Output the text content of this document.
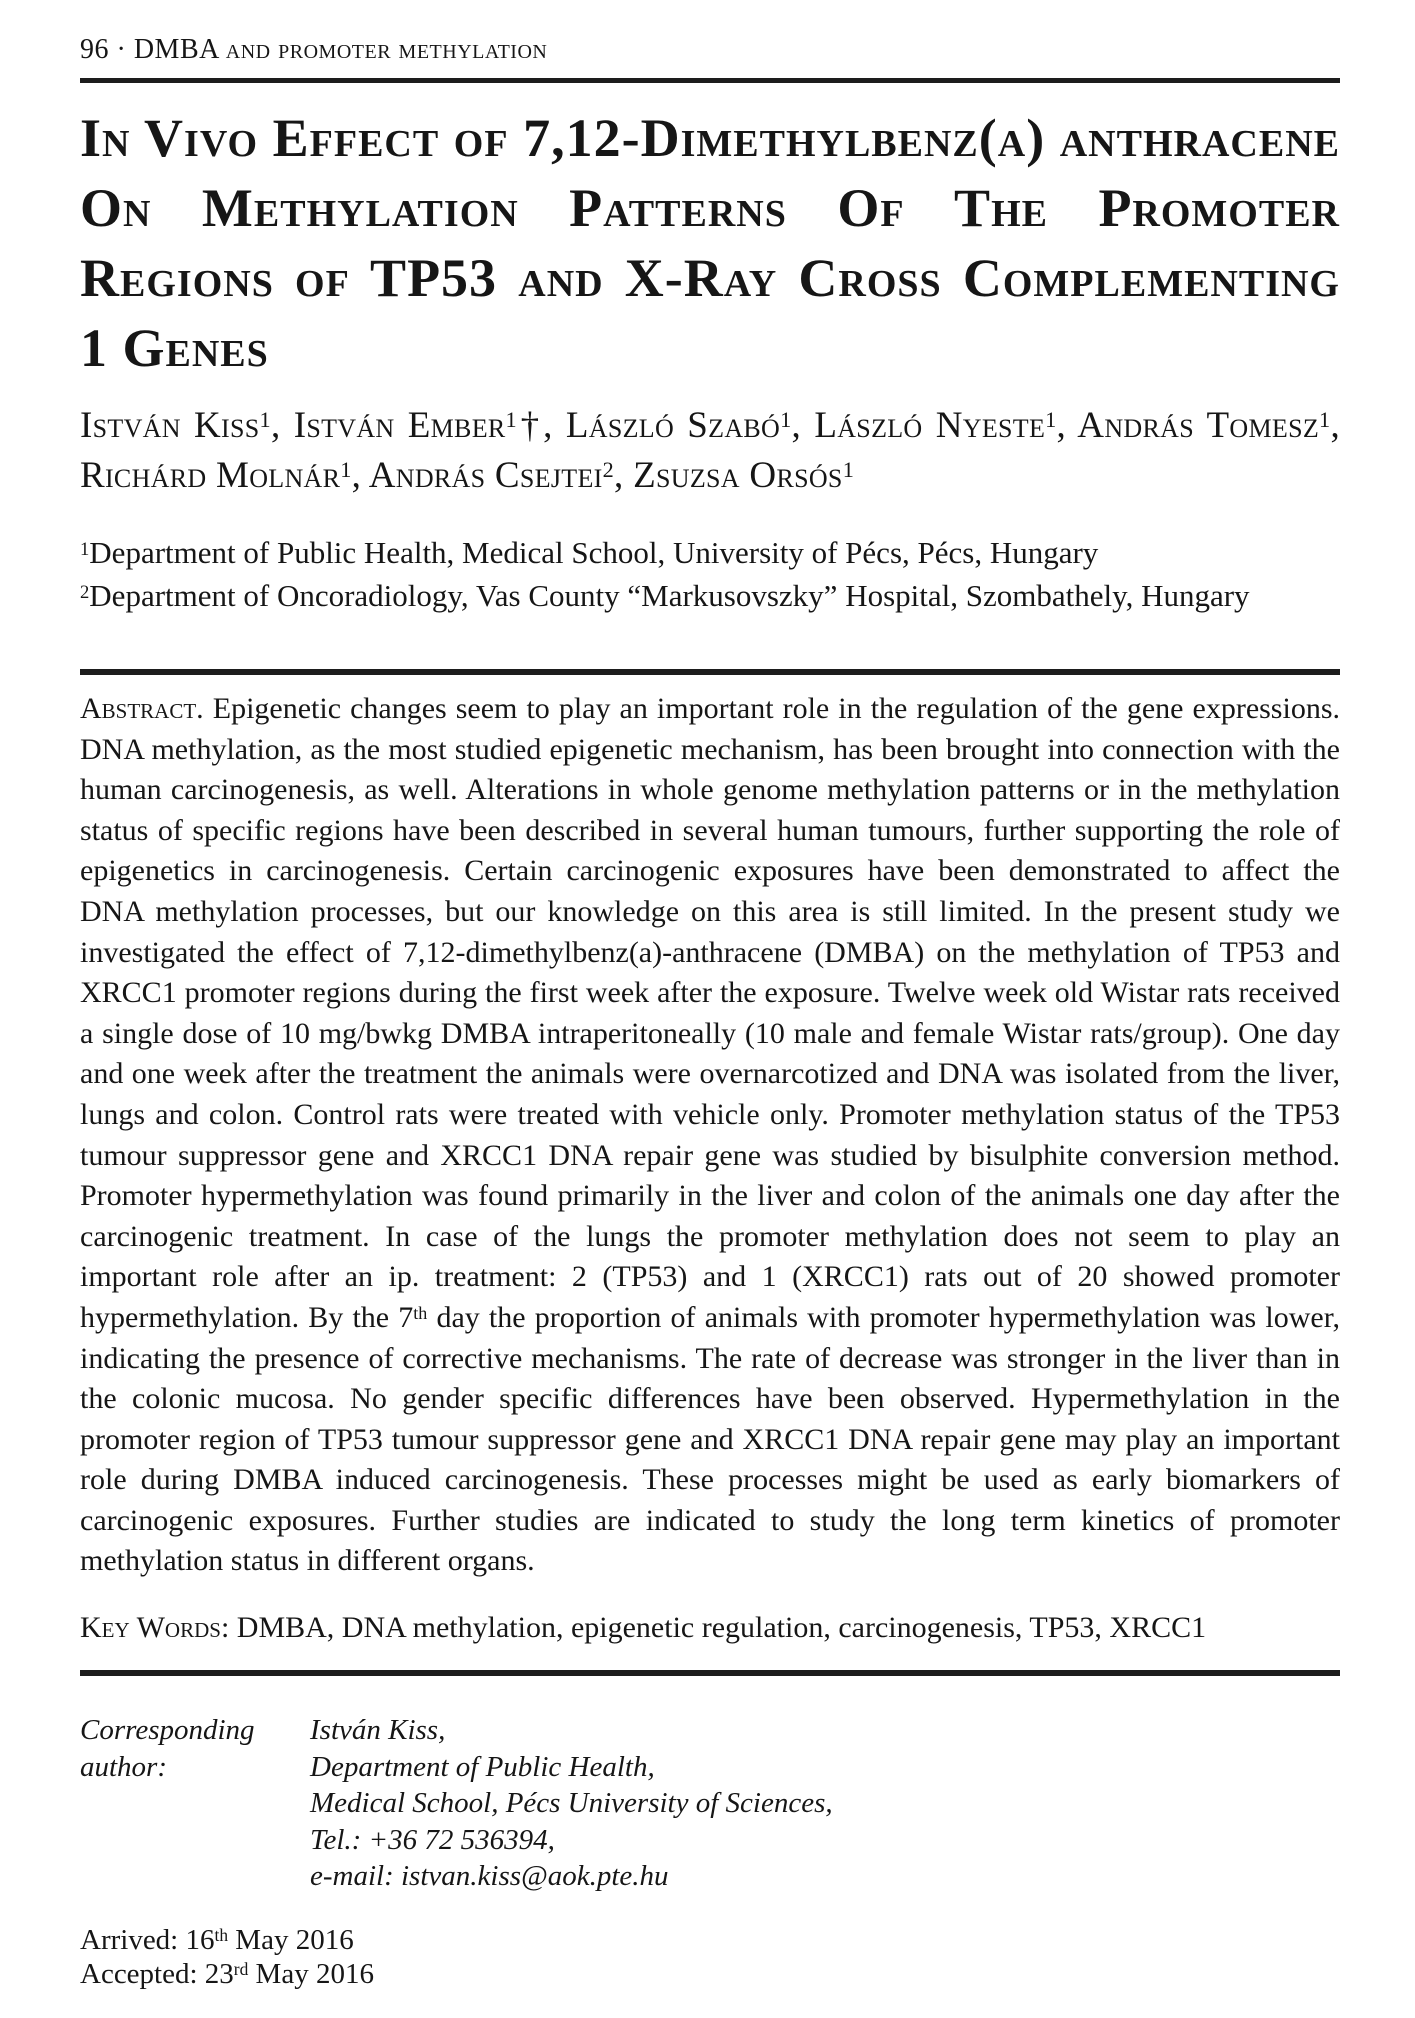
96 · DMBA and promoter methylation
In Vivo Effect of 7,12-Dimethylbenz(a) anthracene On Methylation Patterns Of The Promoter Regions of TP53 and X-Ray Cross Complementing 1 Genes
István Kiss$^1$, István Ember$^1$†, László Szabó$^1$, László Nyeste$^1$, András Tomesz$^1$, Richárd Molnár$^1$, András Csejtei$^2$, Zsuzsa Orsós$^1$
$^1$Department of Public Health, Medical School, University of Pécs, Pécs, Hungary
$^2$Department of Oncoradiology, Vas County “Markusovszky” Hospital, Szombathely, Hungary

Abstract. Epigenetic changes seem to play an important role in the regulation of the gene expressions. DNA methylation, as the most studied epigenetic mechanism, has been brought into connection with the human carcinogenesis, as well. Alterations in whole genome methylation patterns or in the methylation status of specific regions have been described in several human tumours, further supporting the role of epigenetics in carcinogenesis. Certain carcinogenic exposures have been demonstrated to affect the DNA methylation processes, but our knowledge on this area is still limited. In the present study we investigated the effect of 7,12-dimethylbenz(a)-anthracene (DMBA) on the methylation of TP53 and XRCC1 promoter regions during the first week after the exposure. Twelve week old Wistar rats received a single dose of 10 mg/bwkg DMBA intraperitoneally (10 male and female Wistar rats/group). One day and one week after the treatment the animals were overnarcotized and DNA was isolated from the liver, lungs and colon. Control rats were treated with vehicle only. Promoter methylation status of the TP53 tumour suppressor gene and XRCC1 DNA repair gene was studied by bisulphite conversion method. Promoter hypermethylation was found primarily in the liver and colon of the animals one day after the carcinogenic treatment. In case of the lungs the promoter methylation does not seem to play an important role after an ip. treatment: 2 (TP53) and 1 (XRCC1) rats out of 20 showed promoter hypermethylation. By the 7th day the proportion of animals with promoter hypermethylation was lower, indicating the presence of corrective mechanisms. The rate of decrease was stronger in the liver than in the colonic mucosa. No gender specific differences have been observed. Hypermethylation in the promoter region of TP53 tumour suppressor gene and XRCC1 DNA repair gene may play an important role during DMBA induced carcinogenesis. These processes might be used as early biomarkers of carcinogenic exposures. Further studies are indicated to study the long term kinetics of promoter methylation status in different organs.

Key Words: DMBA, DNA methylation, epigenetic regulation, carcinogenesis, TP53, XRCC1

Corresponding author:
István Kiss,
Department of Public Health,
Medical School, Pécs University of Sciences,
Tel.: +36 72 536394,
e-mail: istvan.kiss@aok.pte.hu
Arrived: 16th May 2016
Accepted: 23rd May 2016
